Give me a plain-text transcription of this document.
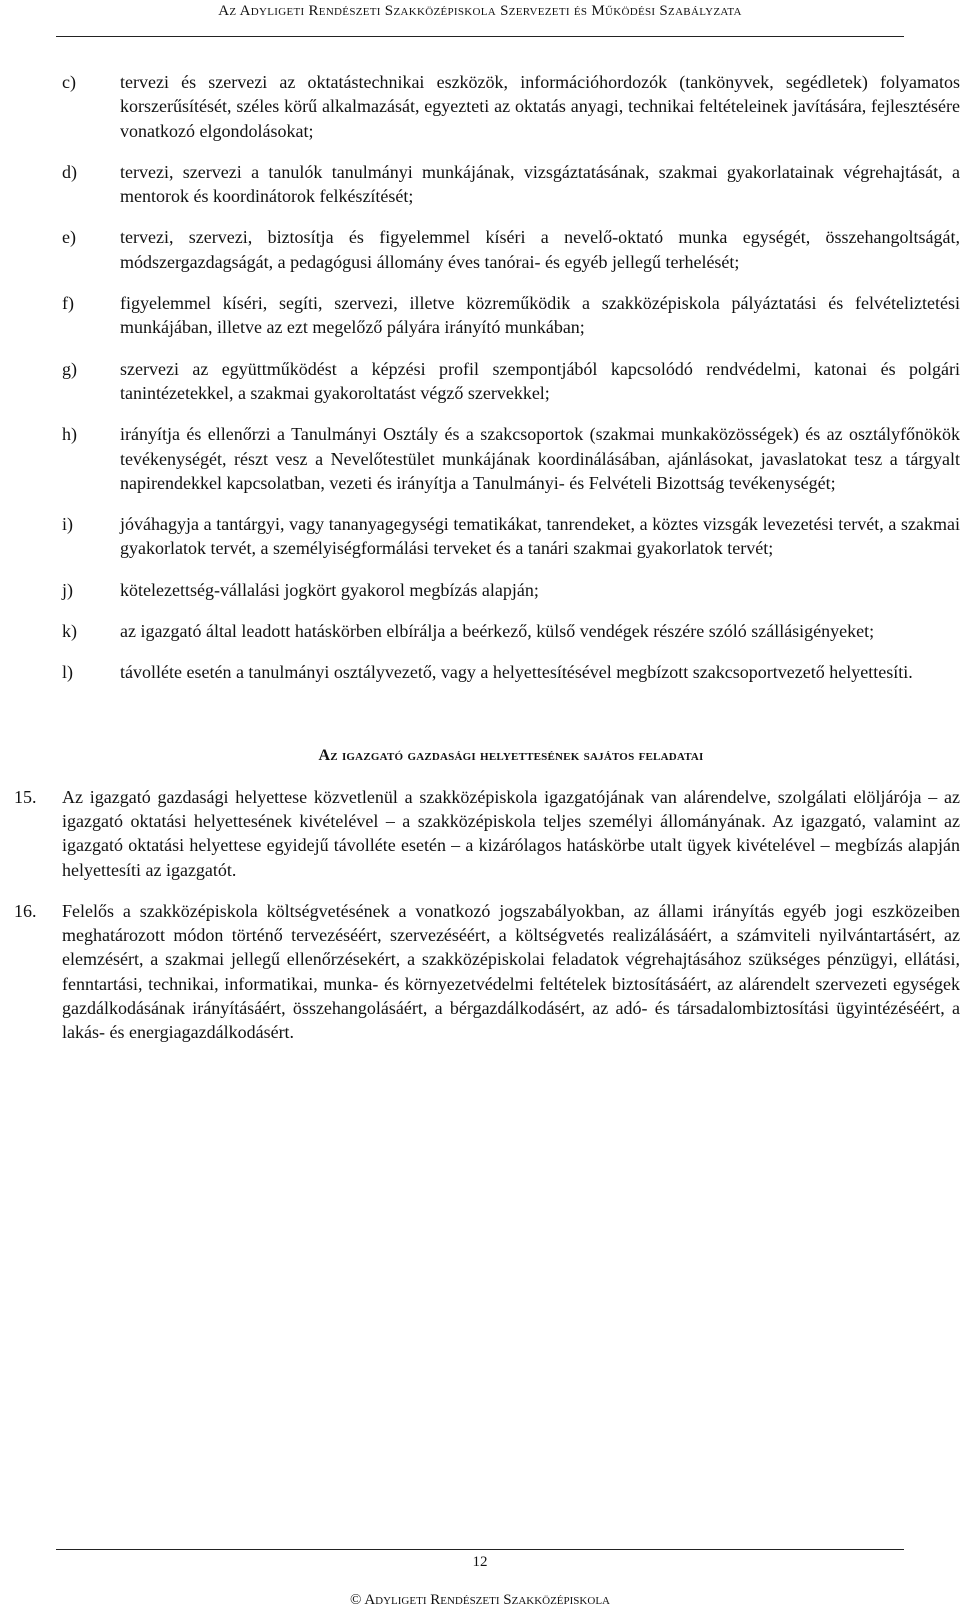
Az Adyligeti Rendészeti Szakközépiskola Szervezeti és Működési Szabályzata
c) tervezi és szervezi az oktatástechnikai eszközök, információhordozók (tankönyvek, segédletek) folyamatos korszerűsítését, széles körű alkalmazását, egyezteti az oktatás anyagi, technikai feltételeinek javítására, fejlesztésére vonatkozó elgondolásokat;
d) tervezi, szervezi a tanulók tanulmányi munkájának, vizsgáztatásának, szakmai gyakorlatainak végrehajtását, a mentorok és koordinátorok felkészítését;
e) tervezi, szervezi, biztosítja és figyelemmel kíséri a nevelő-oktató munka egységét, összehangoltságát, módszergazdagságát, a pedagógusi állomány éves tanórai- és egyéb jellegű terhelését;
f)	figyelemmel kíséri, segíti, szervezi, illetve közreműködik a szakközépiskola pályáztatási és felvételiztetési munkájában, illetve az ezt megelőző pályára irányító munkában;
g) szervezi az együttműködést a képzési profil szempontjából kapcsolódó rendvédelmi, katonai és polgári tanintézetekkel, a szakmai gyakoroltatást végző szervekkel;
h) irányítja és ellenőrzi a Tanulmányi Osztály és a szakcsoportok (szakmai munkaközösségek) és az osztályfőnökök tevékenységét, részt vesz a Nevelőtestület munkájának koordinálásában, ajánlásokat, javaslatokat tesz a tárgyalt napirendekkel kapcsolatban, vezeti és irányítja a Tanulmányi- és Felvételi Bizottság tevékenységét;
i)	jóváhagyja a tantárgyi, vagy tananyagegységi tematikákat, tanrendeket, a köztes vizsgák levezetési tervét, a szakmai gyakorlatok tervét, a személyiségformálási terveket és a tanári szakmai gyakorlatok tervét;
j)	kötelezettség-vállalási jogkört gyakorol megbízás alapján;
k) az igazgató által leadott hatáskörben elbírálja a beérkező, külső vendégek részére szóló szállásigényeket;
l)	távolléte esetén a tanulmányi osztályvezető, vagy a helyettesítésével megbízott szakcsoportvezető helyettesíti.
Az igazgató gazdasági helyettesének sajátos feladatai
15. Az igazgató gazdasági helyettese közvetlenül a szakközépiskola igazgatójának van alárendelve, szolgálati elöljárója – az igazgató oktatási helyettesének kivételével – a szakközépiskola teljes személyi állományának. Az igazgató, valamint az igazgató oktatási helyettese egyidejű távolléte esetén – a kizárólagos hatáskörbe utalt ügyek kivételével – megbízás alapján helyettesíti az igazgatót.
16. Felelős a szakközépiskola költségvetésének a vonatkozó jogszabályokban, az állami irányítás egyéb jogi eszközeiben meghatározott módon történő tervezéséért, szervezéséért, a költségvetés realizálásáért, a számviteli nyilvántartásért, az elemzésért, a szakmai jellegű ellenőrzésekért, a szakközépiskolai feladatok végrehajtásához szükséges pénzügyi, ellátási, fenntartási, technikai, informatikai, munka- és környezetvédelmi feltételek biztosításáért, az alárendelt szervezeti egységek gazdálkodásának irányításáért, összehangolásáért, a bérgazdálkodásért, az adó- és társadalombiztosítási ügyintézéséért, a lakás- és energiagazdálkodásért.
12
© Adyligeti Rendészeti Szakközépiskola
